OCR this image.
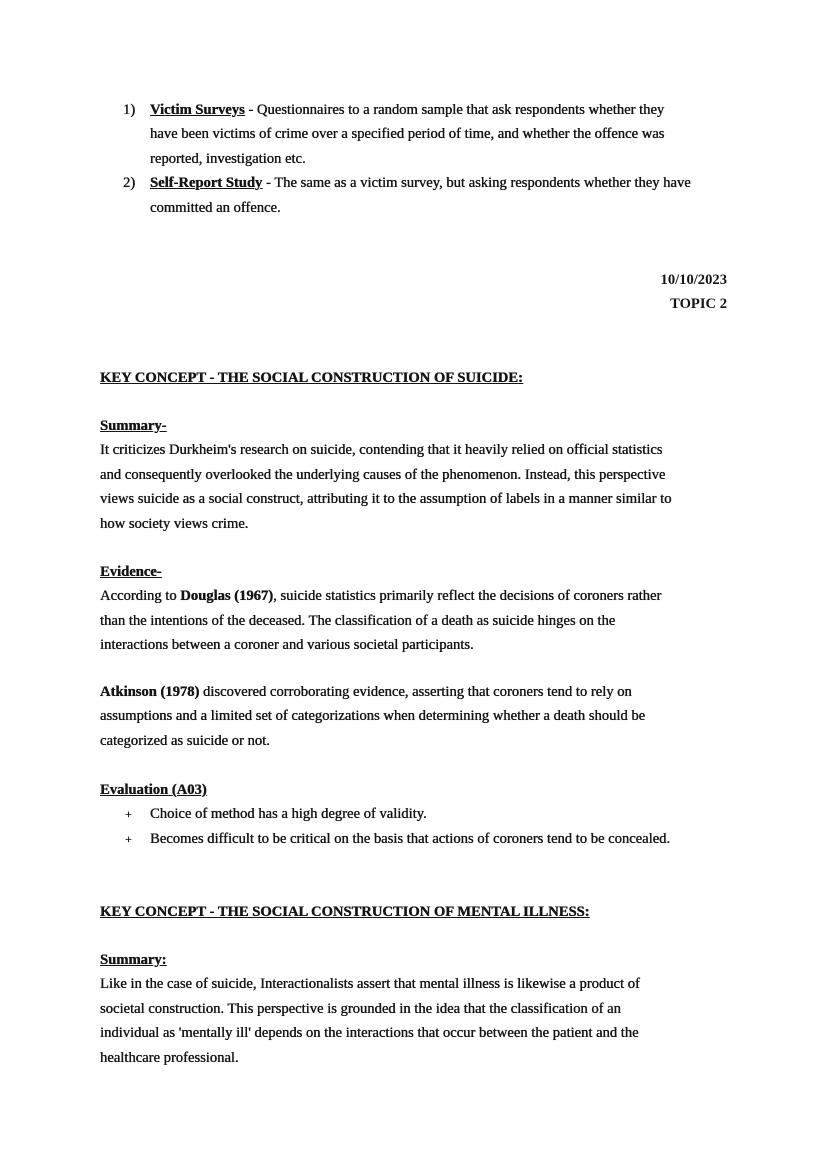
1) Victim Surveys - Questionnaires to a random sample that ask respondents whether they
have been victims of crime over a specified period of time, and whether the offence was
reported, investigation etc.
2) Self-Report Study - The same as a victim survey, but asking respondents whether they have
committed an offence.
10/10/2023
TOPIC 2
KEY CONCEPT - THE SOCIAL CONSTRUCTION OF SUICIDE:
Summary-
It criticizes Durkheim's research on suicide, contending that it heavily relied on official statistics
and consequently overlooked the underlying causes of the phenomenon. Instead, this perspective
views suicide as a social construct, attributing it to the assumption of labels in a manner similar to
how society views crime.
Evidence-
According to Douglas (1967), suicide statistics primarily reflect the decisions of coroners rather
than the intentions of the deceased. The classification of a death as suicide hinges on the
interactions between a coroner and various societal participants.
Atkinson (1978) discovered corroborating evidence, asserting that coroners tend to rely on
assumptions and a limited set of categorizations when determining whether a death should be
categorized as suicide or not.
Evaluation (A03)
+ Choice of method has a high degree of validity.
+ Becomes difficult to be critical on the basis that actions of coroners tend to be concealed.
KEY CONCEPT - THE SOCIAL CONSTRUCTION OF MENTAL ILLNESS:
Summary:
Like in the case of suicide, Interactionalists assert that mental illness is likewise a product of
societal construction. This perspective is grounded in the idea that the classification of an
individual as 'mentally ill' depends on the interactions that occur between the patient and the
healthcare professional.
